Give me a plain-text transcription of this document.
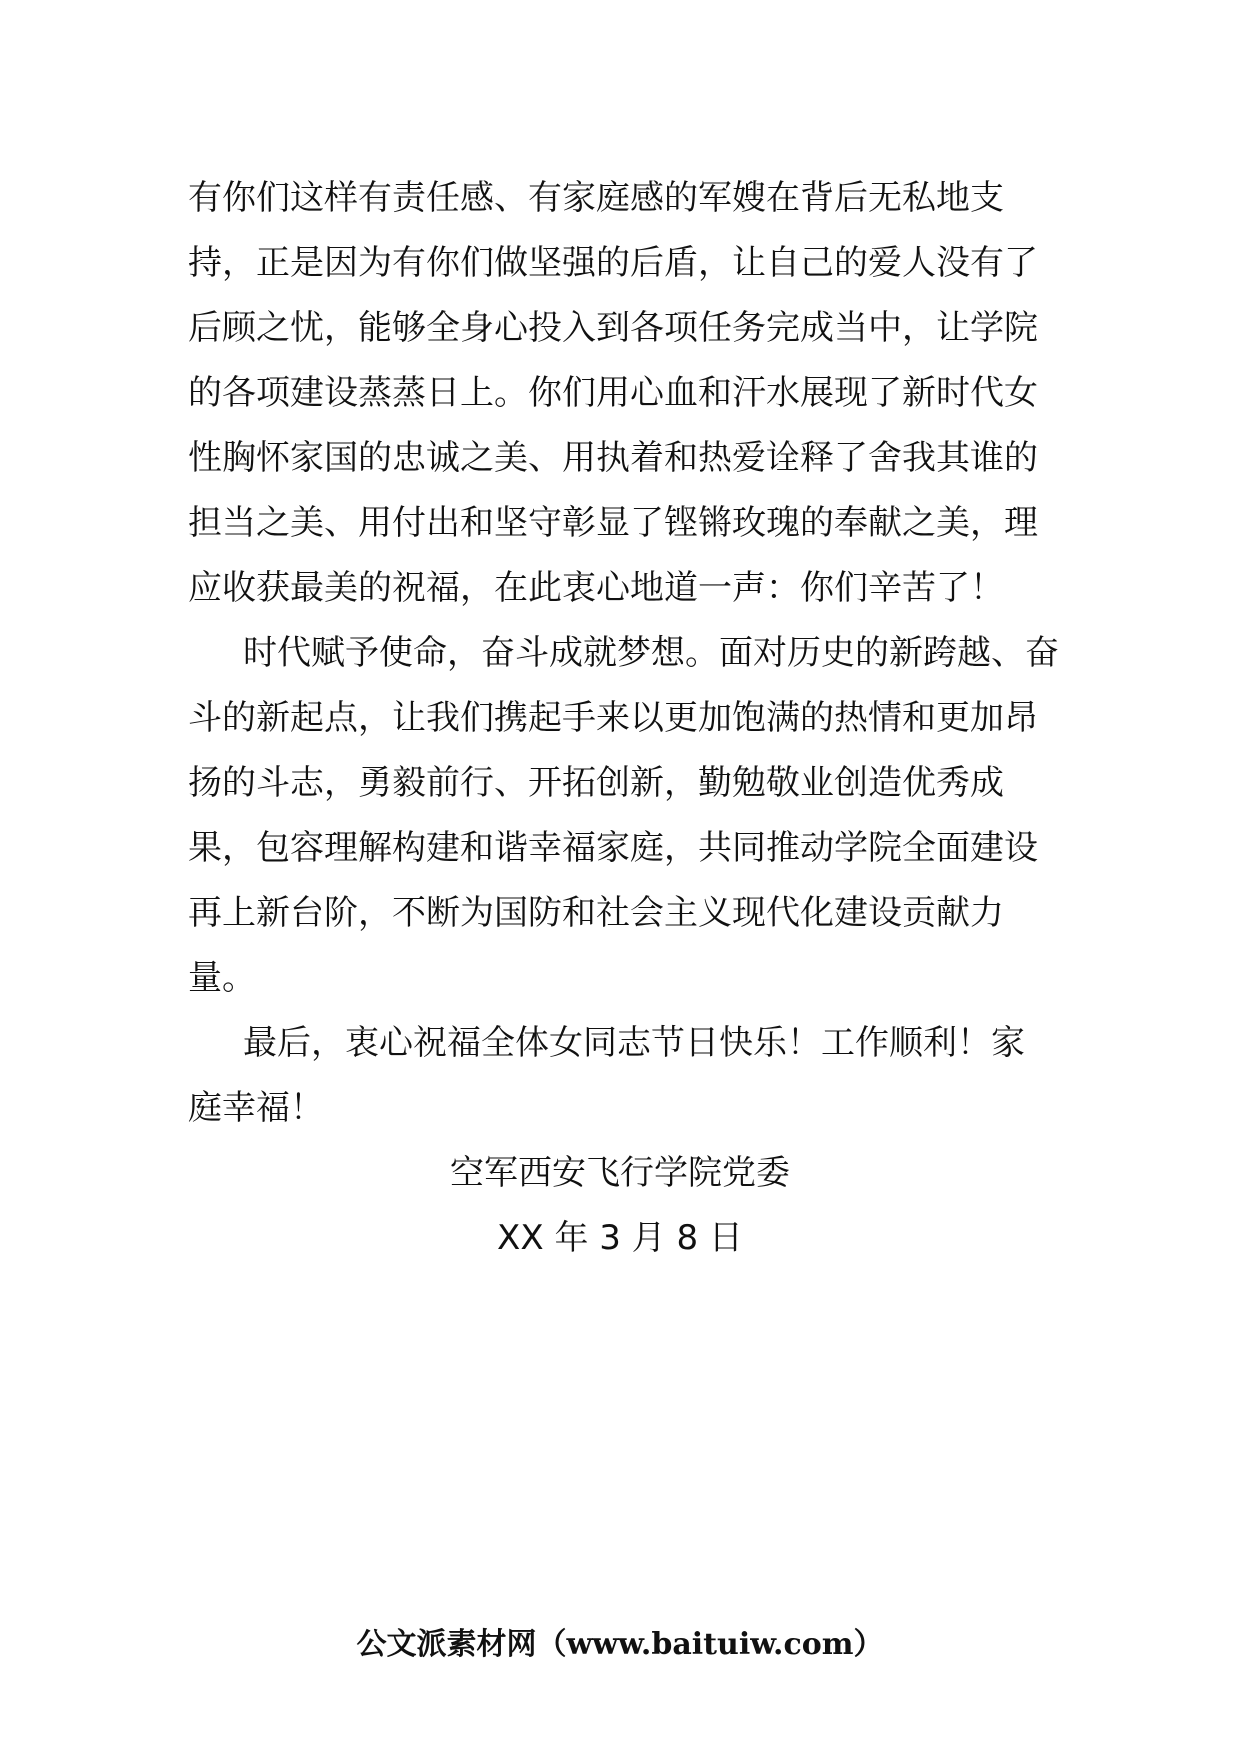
有你们这样有责任感、有家庭感的军嫂在背后无私地支

持，正是因为有你们做坚强的后盾，让自己的爱人没有了

后顾之忧，能够全身心投入到各项任务完成当中，让学院

的各项建设蒸蒸日上。你们用心血和汗水展现了新时代女

性胸怀家国的忠诚之美、用执着和热爱诠释了舍我其谁的

担当之美、用付出和坚守彰显了铿锵玫瑰的奉献之美，理

应收获最美的祝福，在此衷心地道一声：你们辛苦了！

时代赋予使命，奋斗成就梦想。面对历史的新跨越、奋

斗的新起点，让我们携起手来以更加饱满的热情和更加昂

扬的斗志，勇毅前行、开拓创新，勤勉敬业创造优秀成

果，包容理解构建和谐幸福家庭，共同推动学院全面建设

再上新台阶，不断为国防和社会主义现代化建设贡献力

量。

最后，衷心祝福全体女同志节日快乐！工作顺利！家

庭幸福！

空军西安飞行学院党委
XX 年 3 月 8 日
公文派素材网（www.baituiw.com）
